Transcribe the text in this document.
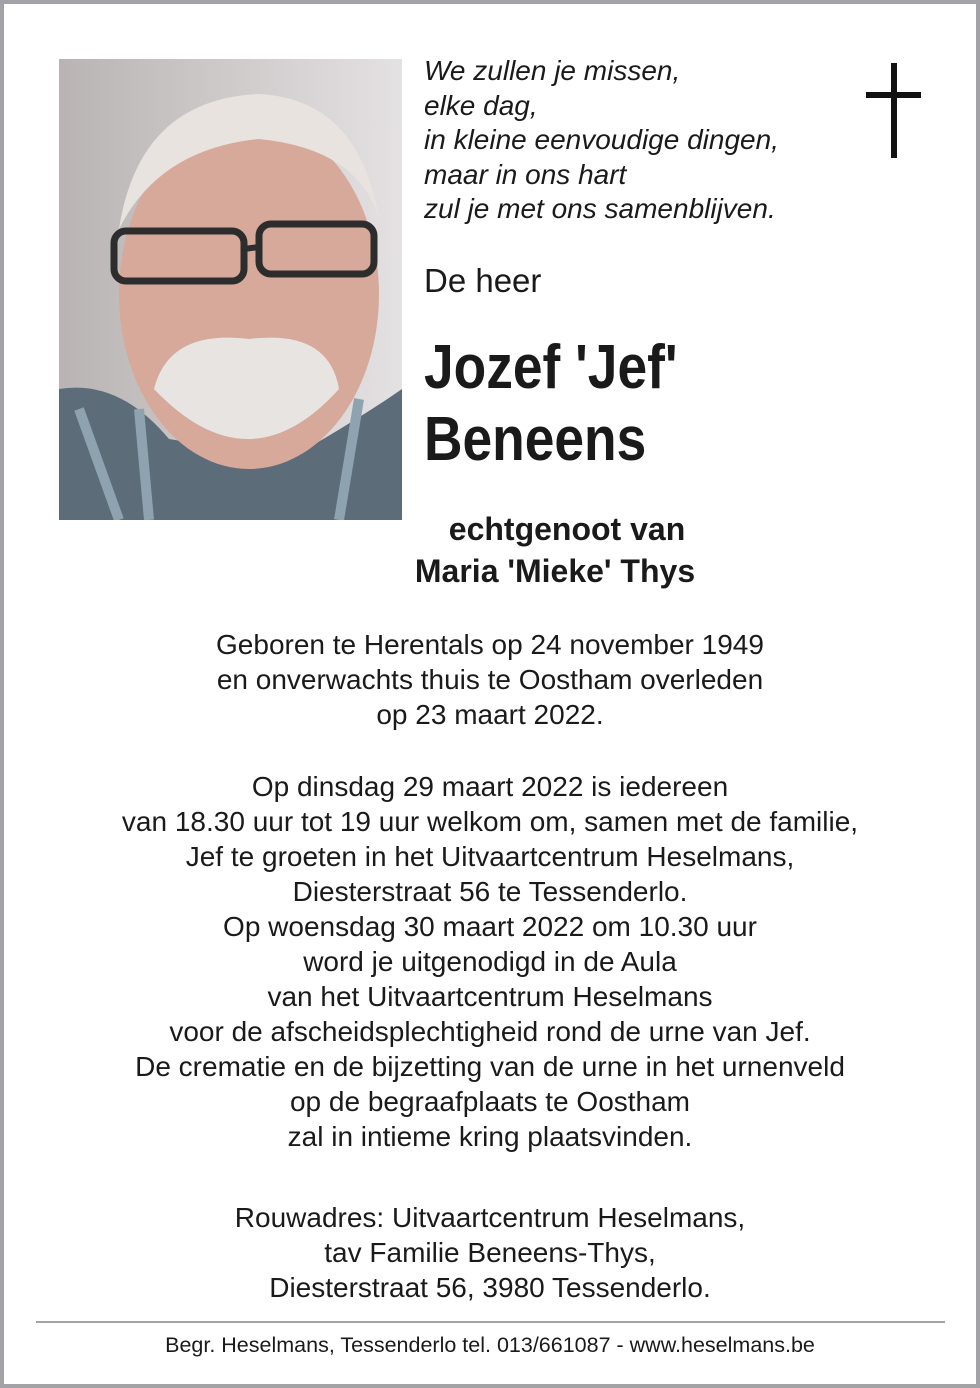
We zullen je missen,
elke dag,
in kleine eenvoudige dingen,
maar in ons hart
zul je met ons samenblijven.
De heer
Jozef 'Jef'
Beneens
echtgenoot van
Maria 'Mieke' Thys
Geboren te Herentals op 24 november 1949
en onverwachts thuis te Oostham overleden
op 23 maart 2022.
Op dinsdag 29 maart 2022 is iedereen
van 18.30 uur tot 19 uur welkom om, samen met de familie,
Jef te groeten in het Uitvaartcentrum Heselmans,
Diesterstraat 56 te Tessenderlo.
Op woensdag 30 maart 2022 om 10.30 uur
word je uitgenodigd in de Aula
van het Uitvaartcentrum Heselmans
voor de afscheidsplechtigheid rond de urne van Jef.
De crematie en de bijzetting van de urne in het urnenveld
op de begraafplaats te Oostham
zal in intieme kring plaatsvinden.
Rouwadres: Uitvaartcentrum Heselmans,
tav Familie Beneens-Thys,
Diesterstraat 56, 3980 Tessenderlo.
Begr. Heselmans, Tessenderlo tel. 013/661087 - www.heselmans.be
